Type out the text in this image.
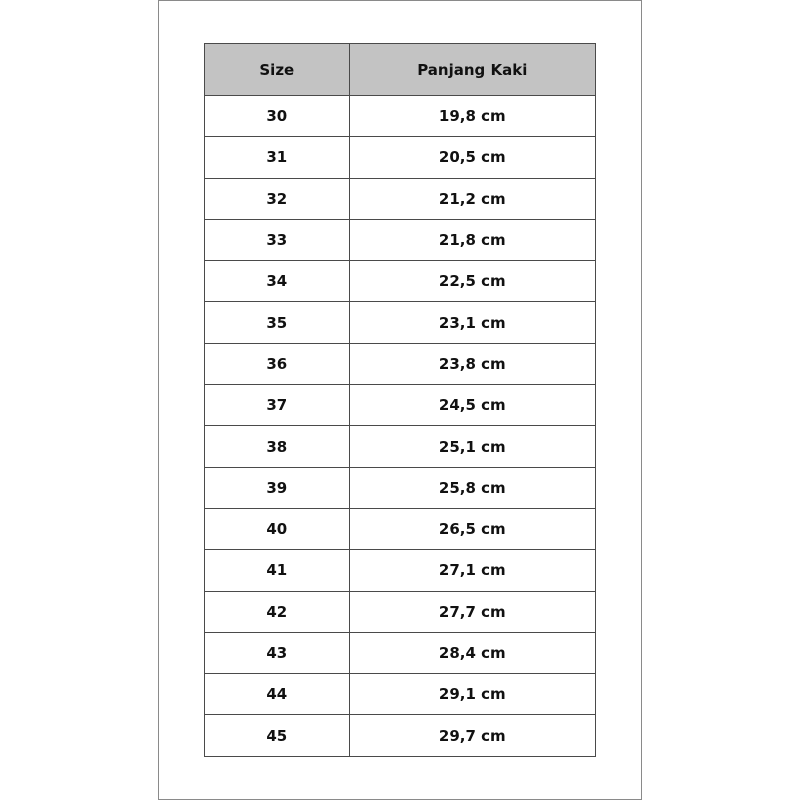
Size	Panjang Kaki
30	19,8 cm
31	20,5 cm
32	21,2 cm
33	21,8 cm
34	22,5 cm
35	23,1 cm
36	23,8 cm
37	24,5 cm
38	25,1 cm
39	25,8 cm
40	26,5 cm
41	27,1 cm
42	27,7 cm
43	28,4 cm
44	29,1 cm
45	29,7 cm
